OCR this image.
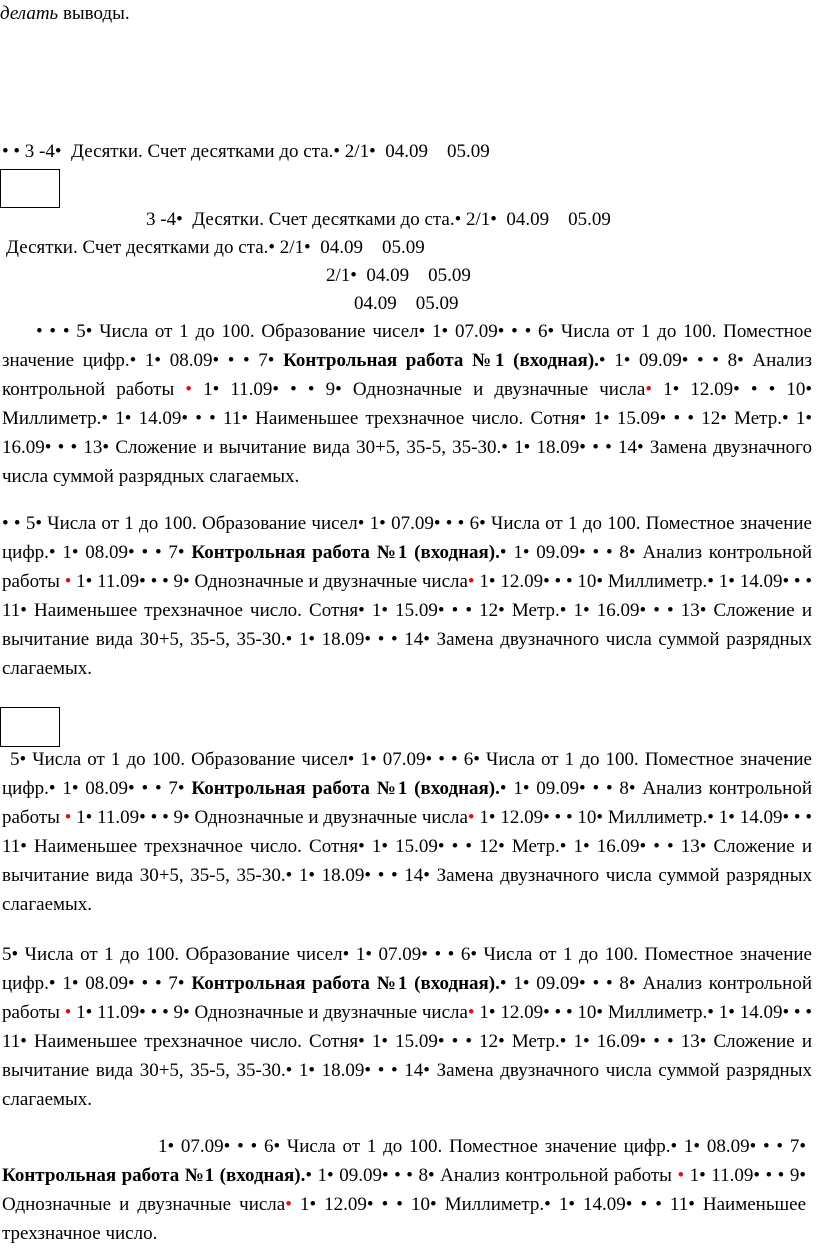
делать выводы.
• • 3 -4•  Десятки. Счет десятками до ста.• 2/1•  04.09    05.09
3 -4•  Десятки. Счет десятками до ста.• 2/1•  04.09    05.09
Десятки. Счет десятками до ста.• 2/1•  04.09    05.09
2/1•  04.09    05.09
04.09    05.09
• • • 5• Числа от 1 до 100. Образование чисел• 1• 07.09• • • 6• Числа от 1 до 100. Поместное значение цифр.• 1• 08.09• • • 7• Контрольная работа №1 (входная).• 1• 09.09• • • 8• Анализ контрольной работы • 1• 11.09• • • 9• Однозначные и двузначные числа• 1• 12.09• • • 10• Миллиметр.• 1• 14.09• • • 11• Наименьшее трехзначное число. Сотня• 1• 15.09• • • 12• Метр.• 1• 16.09• • • 13• Сложение и вычитание вида 30+5, 35-5, 35-30.• 1• 18.09• • • 14• Замена двузначного числа суммой разрядных слагаемых.
• • 5• Числа от 1 до 100. Образование чисел• 1• 07.09• • • 6• Числа от 1 до 100. Поместное значение цифр.• 1• 08.09• • • 7• Контрольная работа №1 (входная).• 1• 09.09• • • 8• Анализ контрольной работы • 1• 11.09• • • 9• Однозначные и двузначные числа• 1• 12.09• • • 10• Миллиметр.• 1• 14.09• • • 11• Наименьшее трехзначное число. Сотня• 1• 15.09• • • 12• Метр.• 1• 16.09• • • 13• Сложение и вычитание вида 30+5, 35-5, 35-30.• 1• 18.09• • • 14• Замена двузначного числа суммой разрядных слагаемых.
5• Числа от 1 до 100. Образование чисел• 1• 07.09• • • 6• Числа от 1 до 100. Поместное значение цифр.• 1• 08.09• • • 7• Контрольная работа №1 (входная).• 1• 09.09• • • 8• Анализ контрольной работы • 1• 11.09• • • 9• Однозначные и двузначные числа• 1• 12.09• • • 10• Миллиметр.• 1• 14.09• • • 11• Наименьшее трехзначное число. Сотня• 1• 15.09• • • 12• Метр.• 1• 16.09• • • 13• Сложение и вычитание вида 30+5, 35-5, 35-30.• 1• 18.09• • • 14• Замена двузначного числа суммой разрядных слагаемых.
5• Числа от 1 до 100. Образование чисел• 1• 07.09• • • 6• Числа от 1 до 100. Поместное значение цифр.• 1• 08.09• • • 7• Контрольная работа №1 (входная).• 1• 09.09• • • 8• Анализ контрольной работы • 1• 11.09• • • 9• Однозначные и двузначные числа• 1• 12.09• • • 10• Миллиметр.• 1• 14.09• • • 11• Наименьшее трехзначное число. Сотня• 1• 15.09• • • 12• Метр.• 1• 16.09• • • 13• Сложение и вычитание вида 30+5, 35-5, 35-30.• 1• 18.09• • • 14• Замена двузначного числа суммой разрядных слагаемых.
1• 07.09• • • 6• Числа от 1 до 100. Поместное значение цифр.• 1• 08.09• • • 7• Контрольная работа №1 (входная).• 1• 09.09• • • 8• Анализ контрольной работы • 1• 11.09• • • 9• Однозначные и двузначные числа• 1• 12.09• • • 10• Миллиметр.• 1• 14.09• • • 11• Наименьшее трехзначное число.
